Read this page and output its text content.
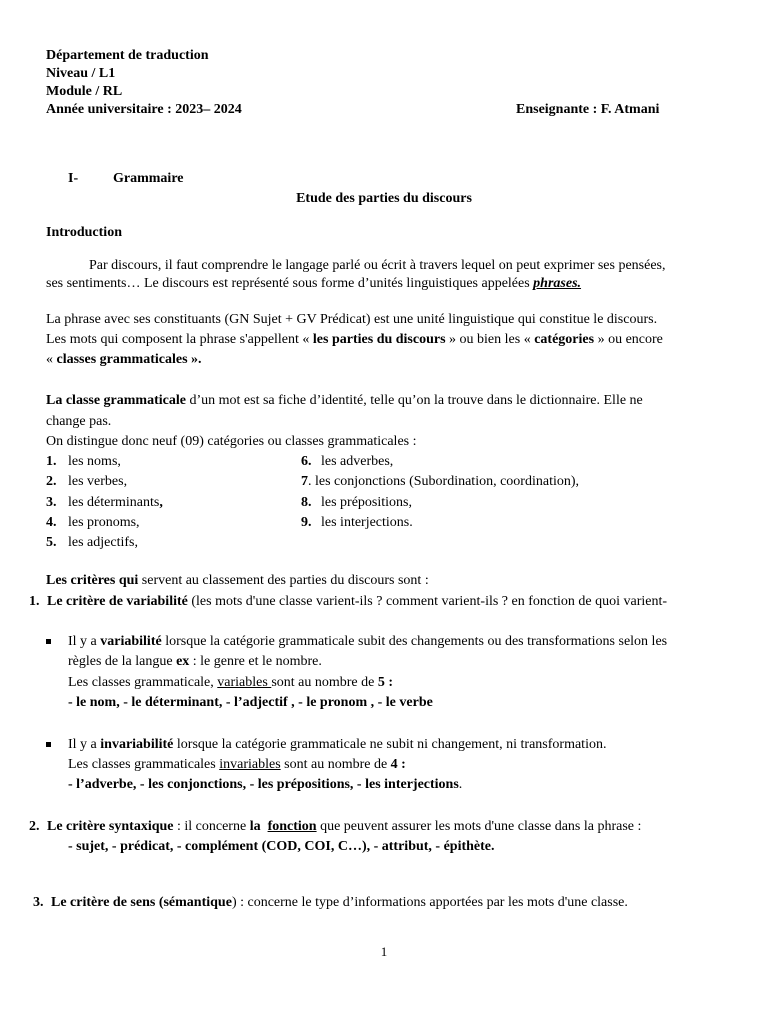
Département de traduction
Niveau / L1
Module / RL
Année universitaire : 2023– 2024	Enseignante : F. Atmani
I- Grammaire
Etude des parties du discours
Introduction
Par discours, il faut comprendre le langage parlé ou écrit à travers lequel on peut exprimer ses pensées,
ses sentiments… Le discours est représenté sous forme d’unités linguistiques appelées phrases.
La phrase avec ses constituants (GN Sujet + GV Prédicat) est une unité linguistique qui constitue le discours.
Les mots qui composent la phrase s'appellent « les parties du discours » ou bien les « catégories » ou encore
« classes grammaticales ».
La classe grammaticale d’un mot est sa fiche d’identité, telle qu’on la trouve dans le dictionnaire. Elle ne
change pas.
On distingue donc neuf (09) catégories ou classes grammaticales :
1. les noms,
2. les verbes,
3. les déterminants,
4. les pronoms,
5. les adjectifs,
6. les adverbes,
7. les conjonctions (Subordination, coordination),
8. les prépositions,
9. les interjections.
Les critères qui servent au classement des parties du discours sont :
1. Le critère de variabilité (les mots d'une classe varient-ils ? comment varient-ils ? en fonction de quoi varient-
Il y a variabilité lorsque la catégorie grammaticale subit des changements ou des transformations selon les
règles de la langue ex : le genre et le nombre.
Les classes grammaticale, variables sont au nombre de 5 :
- le nom, - le déterminant, - l’adjectif , - le pronom , - le verbe
Il y a invariabilité lorsque la catégorie grammaticale ne subit ni changement, ni transformation.
Les classes grammaticales invariables sont au nombre de 4 :
- l’adverbe, - les conjonctions, - les prépositions, - les interjections.
2. Le critère syntaxique : il concerne la fonction que peuvent assurer les mots d'une classe dans la phrase :
- sujet, - prédicat, - complément (COD, COI, C…), - attribut, - épithète.
3. Le critère de sens (sémantique) : concerne le type d’informations apportées par les mots d'une classe.
1
